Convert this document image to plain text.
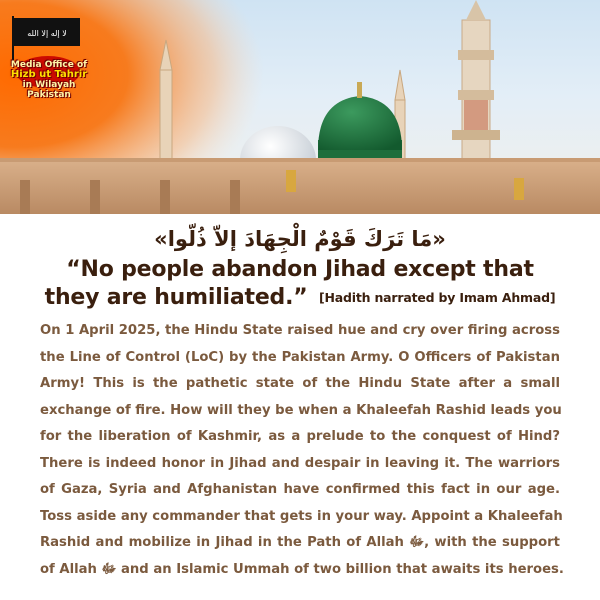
ﻻ إله إلا الله
Media Office of
Hizb ut Tahrir
in Wilayah Pakistan
«مَا تَرَكَ قَوْمٌ الْجِهَادَ إلاّ ذُلّوا»
“No people abandon Jihad except that
they are humiliated.” [Hadith narrated by Imam Ahmad]
On 1 April 2025, the Hindu State raised hue and cry over firing across
the Line of Control (LoC) by the Pakistan Army. O Officers of Pakistan
Army! This is the pathetic state of the Hindu State after a small
exchange of fire. How will they be when a Khaleefah Rashid leads you
for the liberation of Kashmir, as a prelude to the conquest of Hind?
There is indeed honor in Jihad and despair in leaving it. The warriors
of Gaza, Syria and Afghanistan have confirmed this fact in our age.
Toss aside any commander that gets in your way. Appoint a Khaleefah
Rashid and mobilize in Jihad in the Path of Allah ﷻ, with the support
of Allah ﷻ and an Islamic Ummah of two billion that awaits its heroes.
